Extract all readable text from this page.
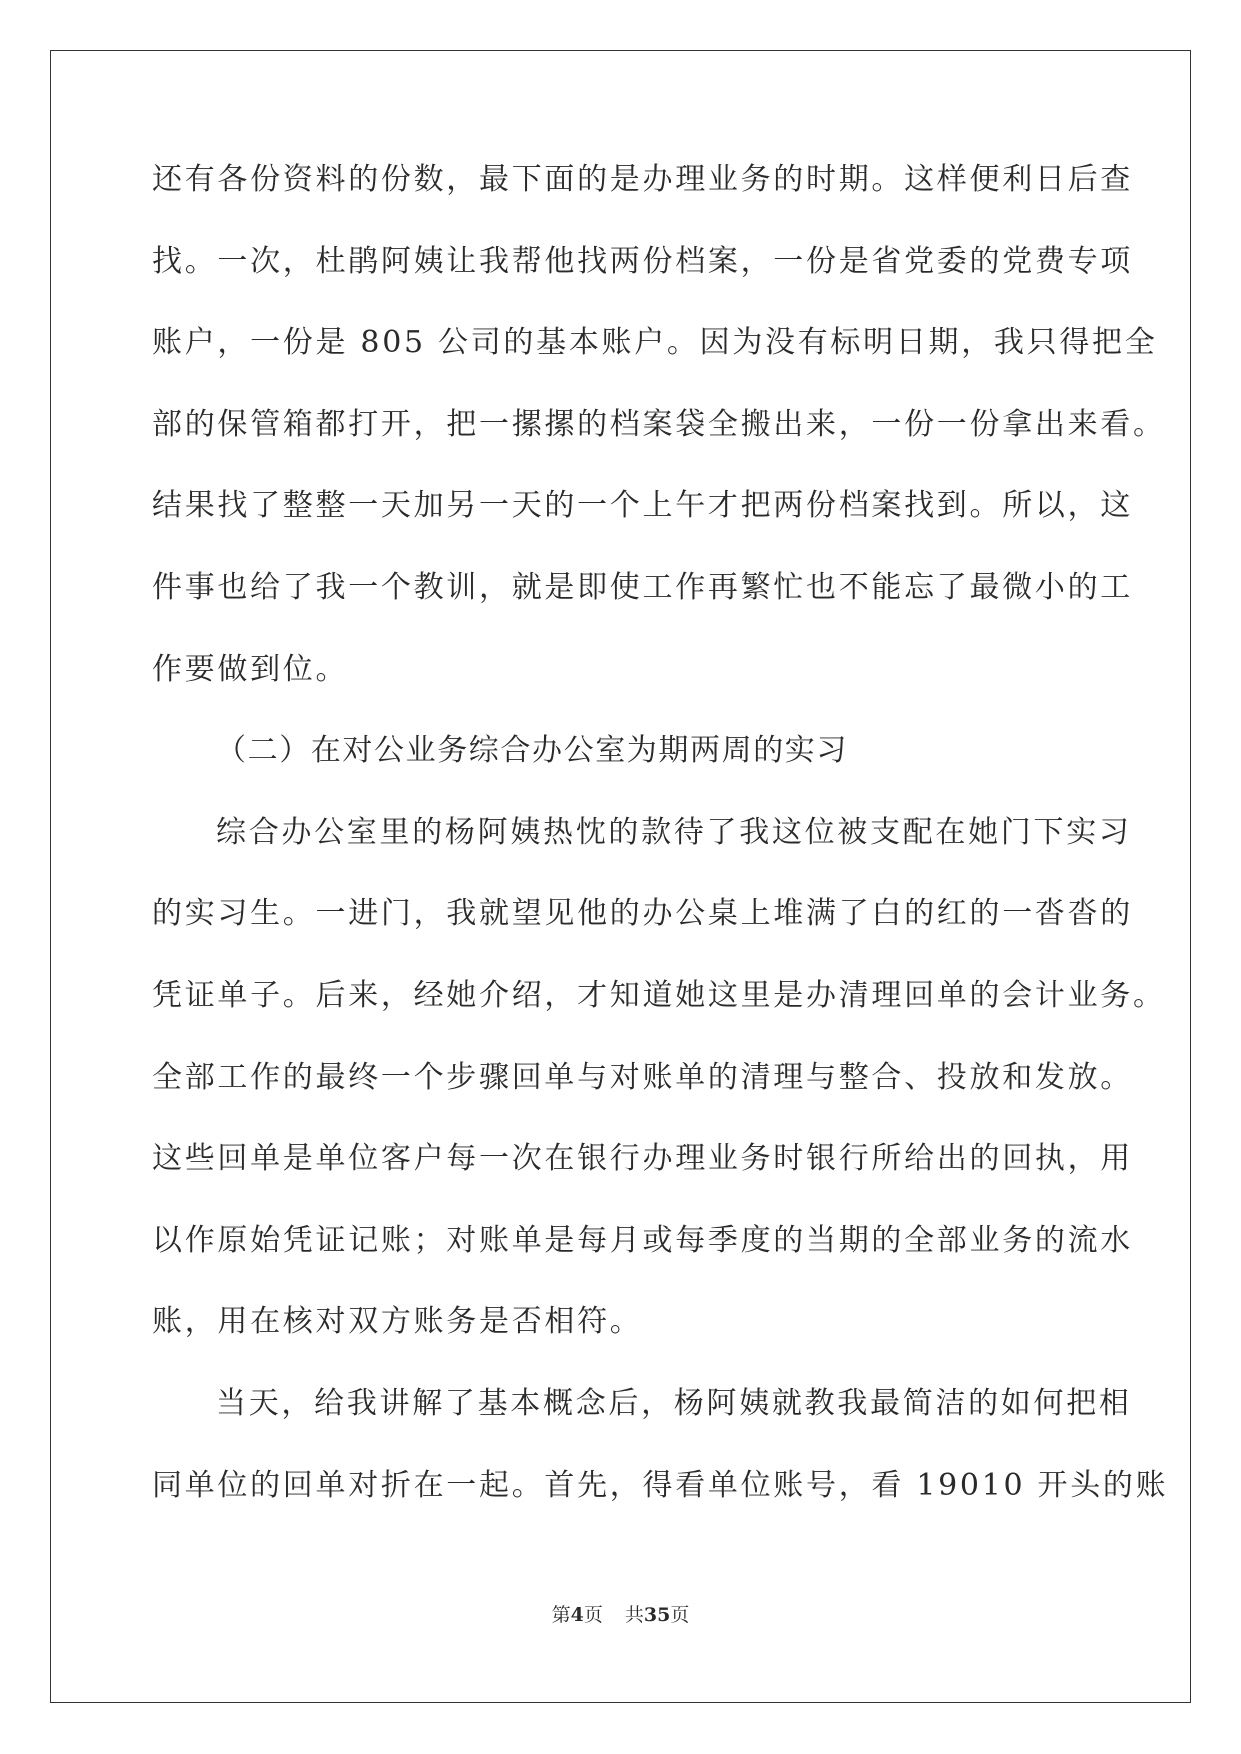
还有各份资料的份数，最下面的是办理业务的时期。这样便利日后查
找。一次，杜鹃阿姨让我帮他找两份档案，一份是省党委的党费专项
账户，一份是 805 公司的基本账户。因为没有标明日期，我只得把全
部的保管箱都打开，把一摞摞的档案袋全搬出来，一份一份拿出来看。
结果找了整整一天加另一天的一个上午才把两份档案找到。所以，这
件事也给了我一个教训，就是即使工作再繁忙也不能忘了最微小的工
作要做到位。
（二）在对公业务综合办公室为期两周的实习
综合办公室里的杨阿姨热忱的款待了我这位被支配在她门下实习
的实习生。一进门，我就望见他的办公桌上堆满了白的红的一沓沓的
凭证单子。后来，经她介绍，才知道她这里是办清理回单的会计业务。
全部工作的最终一个步骤回单与对账单的清理与整合、投放和发放。
这些回单是单位客户每一次在银行办理业务时银行所给出的回执，用
以作原始凭证记账；对账单是每月或每季度的当期的全部业务的流水
账，用在核对双方账务是否相符。
当天，给我讲解了基本概念后，杨阿姨就教我最简洁的如何把相
同单位的回单对折在一起。首先，得看单位账号，看 19010 开头的账
第4页 共35页
